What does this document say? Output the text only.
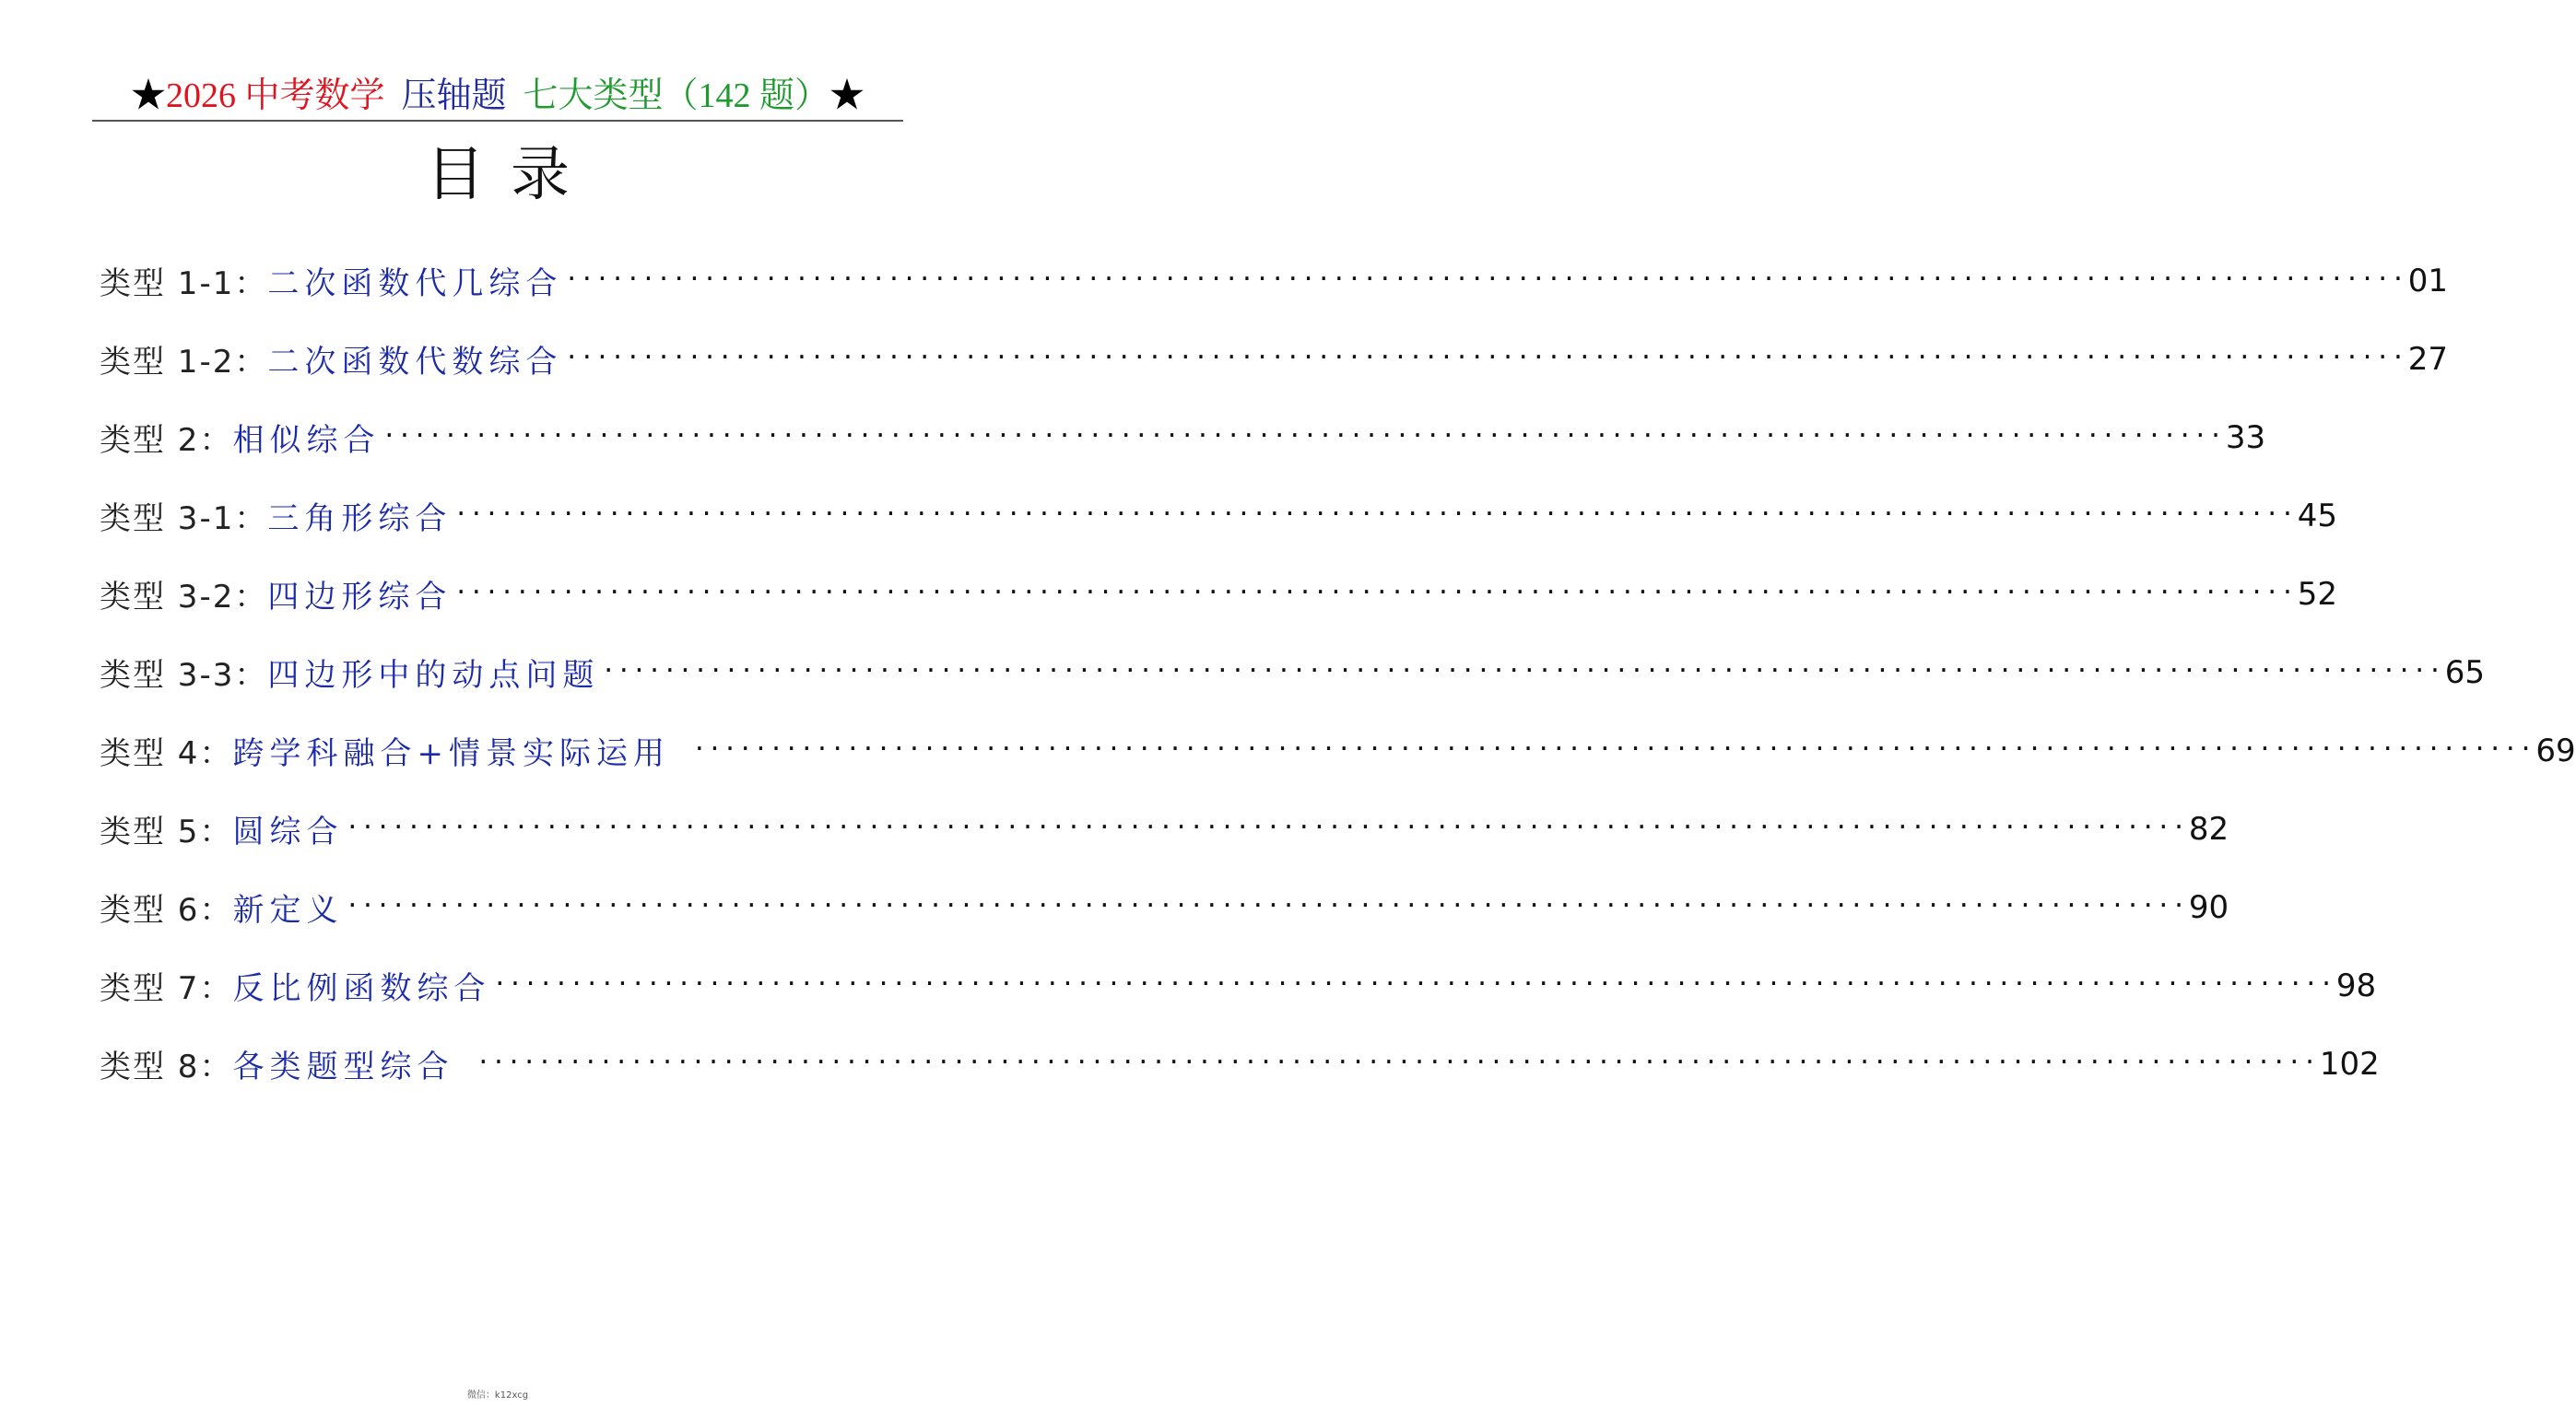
★2026 中考数学 压轴题 七大类型（142 题）★
目录
类型 1-1： 二次函数代几综合 ························································································································ 01
类型 1-2： 二次函数代数综合 ························································································································ 27
类型 2： 相似综合 ························································································································ 33
类型 3-1： 三角形综合 ························································································································ 45
类型 3-2： 四边形综合 ························································································································ 52
类型 3-3： 四边形中的动点问题 ························································································································ 65
类型 4： 跨学科融合+情景实际运用 ························································································································ 69
类型 5： 圆综合 ························································································································ 82
类型 6： 新定义 ························································································································ 90
类型 7： 反比例函数综合 ························································································································ 98
类型 8： 各类题型综合 ························································································································ 102
微信：k12xcg
